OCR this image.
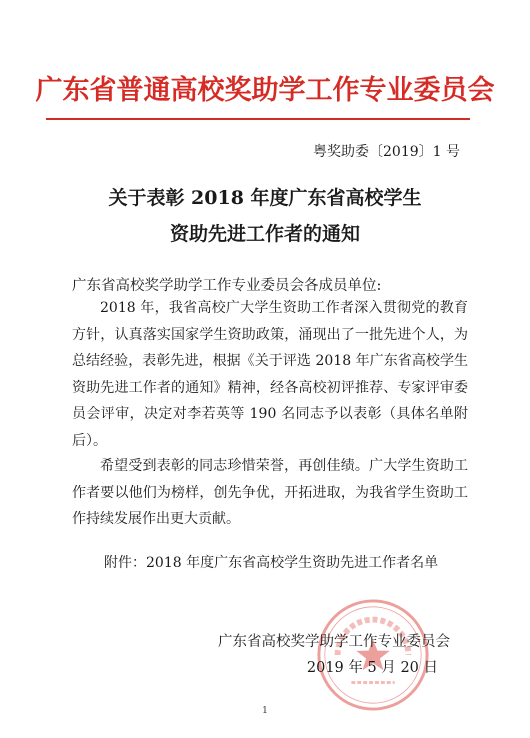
广东省普通高校奖助学工作专业委员会
粤奖助委〔2019〕1 号
关于表彰 2018 年度广东省高校学生
资助先进工作者的通知
广东省高校奖学助学工作专业委员会各成员单位:
2018 年，我省高校广大学生资助工作者深入贯彻党的教育方针，认真落实国家学生资助政策，涌现出了一批先进个人，为总结经验，表彰先进，根据《关于评选 2018 年广东省高校学生资助先进工作者的通知》精神，经各高校初评推荐、专家评审委员会评审，决定对李若英等 190 名同志予以表彰（具体名单附后）。
希望受到表彰的同志珍惜荣誉，再创佳绩。广大学生资助工作者要以他们为榜样，创先争优，开拓进取，为我省学生资助工作持续发展作出更大贡献。
附件：2018 年度广东省高校学生资助先进工作者名单
广东省高校奖学助学工作专业委员会
2019 年 5 月 20 日
1
